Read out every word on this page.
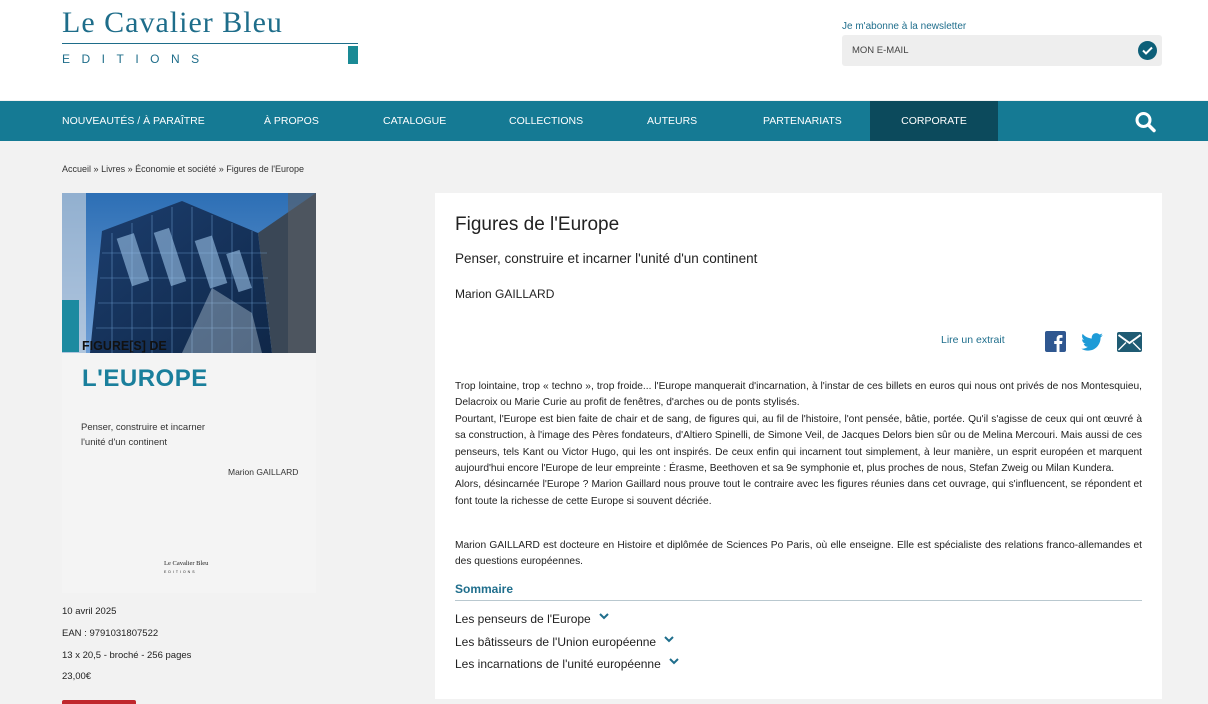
Le Cavalier Bleu
EDITIONS
Je m'abonne à la newsletter
MON E-MAIL
NOUVEAUTÉS / À PARAÎTRE	À PROPOS	CATALOGUE	COLLECTIONS	AUTEURS	PARTENARIATS	CORPORATE
Accueil » Livres » Économie et société » Figures de l'Europe
FIGURE[S] DE
L'EUROPE
Penser, construire et incarner
l'unité d'un continent
Marion GAILLARD
Le Cavalier Bleu
EDITIONS
10 avril 2025
EAN : 9791031807522
13 x 20,5 - broché - 256 pages
23,00€
Figures de l'Europe
Penser, construire et incarner l'unité d'un continent
Marion GAILLARD
Lire un extrait

Trop lointaine, trop « techno », trop froide... l'Europe manquerait d'incarnation, à l'instar de ces billets en euros qui nous ont privés de nos Montesquieu, Delacroix ou Marie Curie au profit de fenêtres, d'arches ou de ponts stylisés.

Pourtant, l'Europe est bien faite de chair et de sang, de figures qui, au fil de l'histoire, l'ont pensée, bâtie, portée. Qu'il s'agisse de ceux qui ont œuvré à sa construction, à l'image des Pères fondateurs, d'Altiero Spinelli, de Simone Veil, de Jacques Delors bien sûr ou de Melina Mercouri. Mais aussi de ces penseurs, tels Kant ou Victor Hugo, qui les ont inspirés. De ceux enfin qui incarnent tout simplement, à leur manière, un esprit européen et marquent aujourd'hui encore l'Europe de leur empreinte : Érasme, Beethoven et sa 9e symphonie et, plus proches de nous, Stefan Zweig ou Milan Kundera.

Alors, désincarnée l'Europe ? Marion Gaillard nous prouve tout le contraire avec les figures réunies dans cet ouvrage, qui s'influencent, se répondent et font toute la richesse de cette Europe si souvent décriée.

Marion GAILLARD est docteure en Histoire et diplômée de Sciences Po Paris, où elle enseigne. Elle est spécialiste des relations franco-allemandes et des questions européennes.

Sommaire
Les penseurs de l'Europe
Les bâtisseurs de l'Union européenne
Les incarnations de l'unité européenne
